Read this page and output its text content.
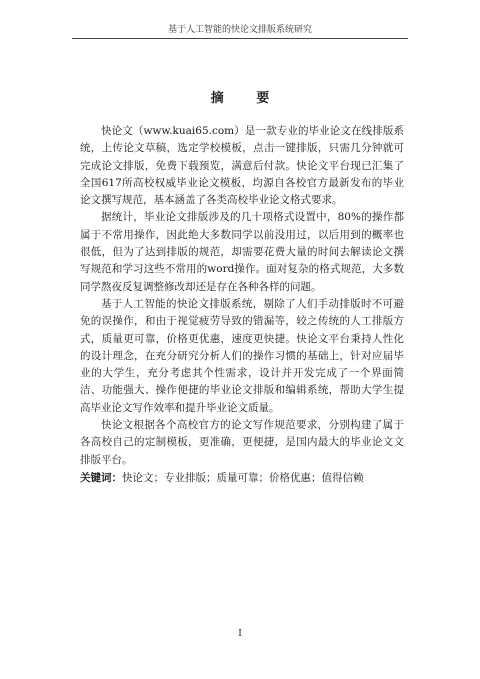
基于人工智能的快论文排版系统研究
摘 要

快论文（www.kuai65.com）是一款专业的毕业论文在线排版系统，上传论文草稿，选定学校模板，点击一键排版，只需几分钟就可完成论文排版，免费下载预览，满意后付款。快论文平台现已汇集了全国617所高校权威毕业论文模板，均源自各校官方最新发布的毕业论文撰写规范，基本涵盖了各类高校毕业论文格式要求。

据统计，毕业论文排版涉及的几十项格式设置中，80%的操作都属于不常用操作，因此绝大多数同学以前没用过，以后用到的概率也很低，但为了达到排版的规范，却需要花费大量的时间去解读论文撰写规范和学习这些不常用的word操作。面对复杂的格式规范，大多数同学熬夜反复调整修改却还是存在各种各样的问题。

基于人工智能的快论文排版系统，剔除了人们手动排版时不可避免的误操作，和由于视觉疲劳导致的错漏等，较之传统的人工排版方式，质量更可靠，价格更优惠，速度更快捷。快论文平台秉持人性化的设计理念，在充分研究分析人们的操作习惯的基础上，针对应届毕业的大学生，充分考虑其个性需求，设计并开发完成了一个界面简洁、功能强大、操作便捷的毕业论文排版和编辑系统，帮助大学生提高毕业论文写作效率和提升毕业论文质量。

快论文根据各个高校官方的论文写作规范要求，分别构建了属于各高校自己的定制模板，更准确，更便捷，是国内最大的毕业论文文排版平台。

关键词：快论文；专业排版；质量可靠；价格优惠；值得信赖
I
